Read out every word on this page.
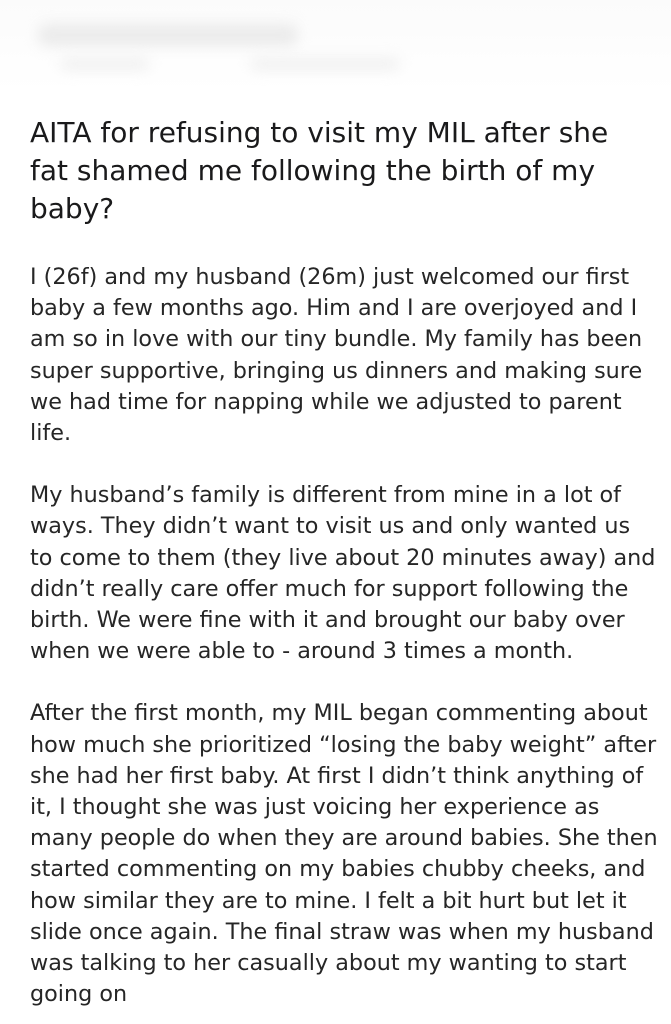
AITA for refusing to visit my MIL after she fat shamed me following the birth of my baby?

I (26f) and my husband (26m) just welcomed our first baby a few months ago. Him and I are overjoyed and I am so in love with our tiny bundle. My family has been super supportive, bringing us dinners and making sure we had time for napping while we adjusted to parent life.

My husband’s family is different from mine in a lot of ways. They didn’t want to visit us and only wanted us to come to them (they live about 20 minutes away) and didn’t really care offer much for support following the birth. We were fine with it and brought our baby over when we were able to - around 3 times a month.

After the first month, my MIL began commenting about how much she prioritized “losing the baby weight” after she had her first baby. At first I didn’t think anything of it, I thought she was just voicing her experience as many people do when they are around babies. She then started commenting on my babies chubby cheeks, and how similar they are to mine. I felt a bit hurt but let it slide once again. The final straw was when my husband was talking to her casually about my wanting to start going on
